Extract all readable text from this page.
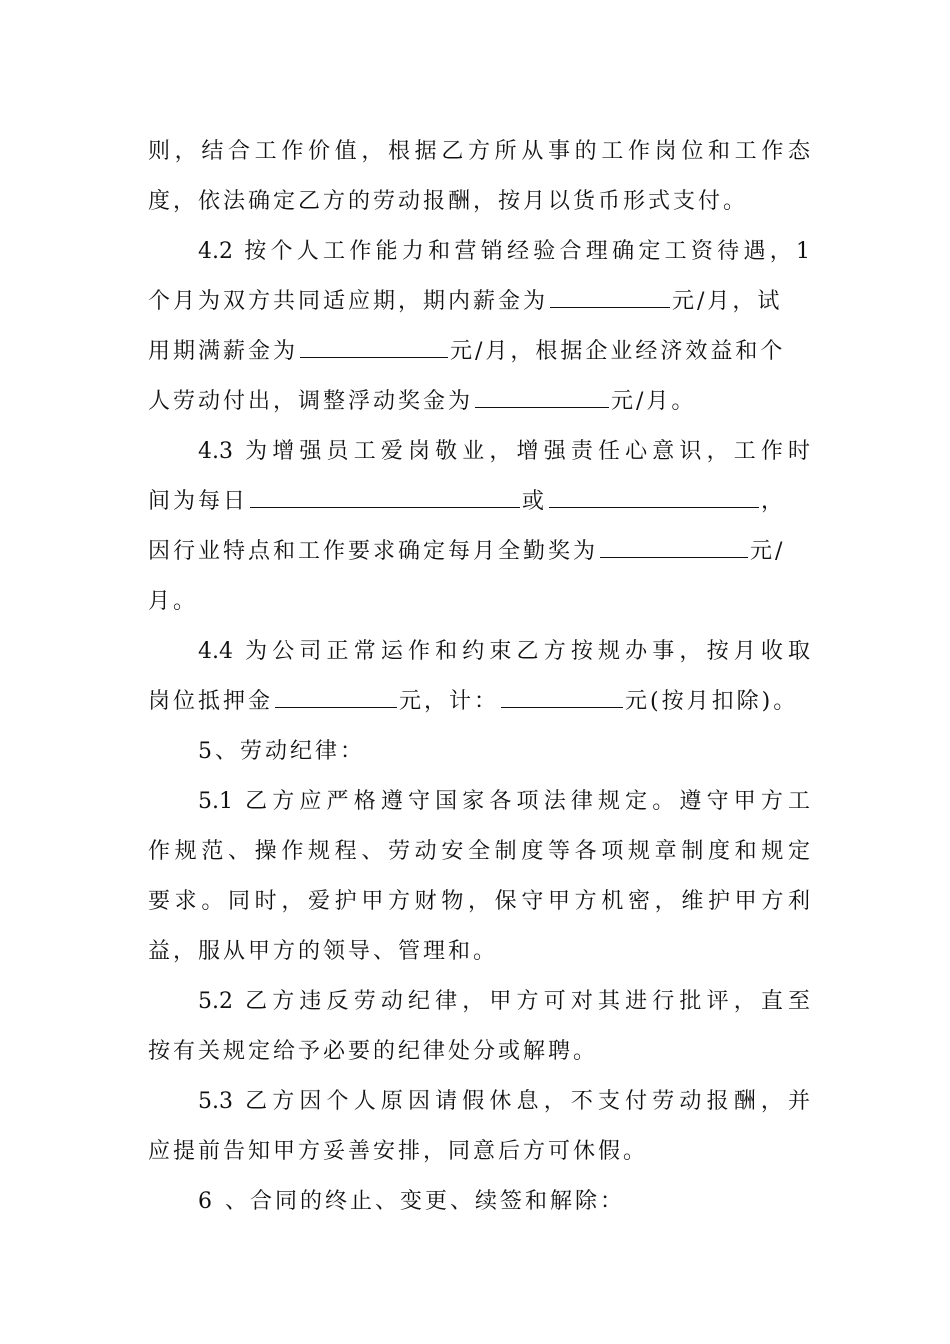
则，结合工作价值，根据乙方所从事的工作岗位和工作态
度，依法确定乙方的劳动报酬，按月以货币形式支付。
4.2 按个人工作能力和营销经验合理确定工资待遇，1
个月为双方共同适应期，期内薪金为	元/月，试
用期满薪金为	元/月，根据企业经济效益和个
人劳动付出，调整浮动奖金为	元/月。
4.3 为增强员工爱岗敬业，增强责任心意识，工作时
间为每日	或	，
因行业特点和工作要求确定每月全勤奖为	元/
月。
4.4 为公司正常运作和约束乙方按规办事，按月收取
岗位抵押金	元，计：	元(按月扣除)。
5、劳动纪律：
5.1 乙方应严格遵守国家各项法律规定。遵守甲方工
作规范、操作规程、劳动安全制度等各项规章制度和规定
要求。同时，爱护甲方财物，保守甲方机密，维护甲方利
益，服从甲方的领导、管理和。
5.2 乙方违反劳动纪律，甲方可对其进行批评，直至
按有关规定给予必要的纪律处分或解聘。
5.3 乙方因个人原因请假休息，不支付劳动报酬，并
应提前告知甲方妥善安排，同意后方可休假。
6 、合同的终止、变更、续签和解除：
